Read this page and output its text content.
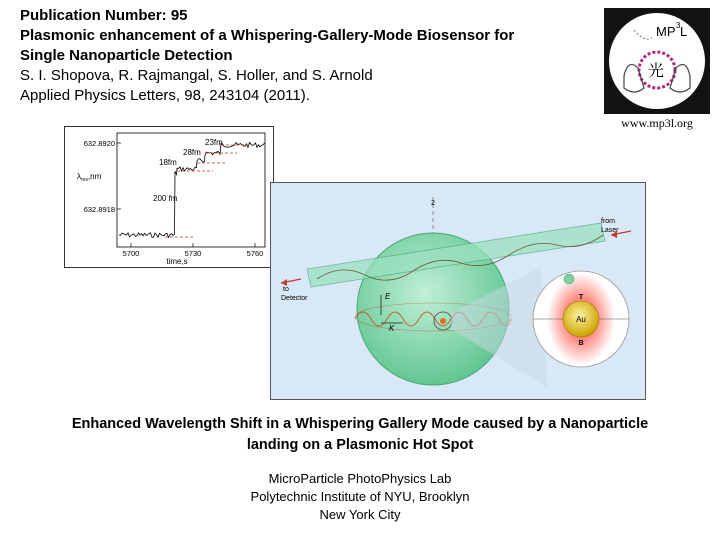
Publication Number: 95
Plasmonic enhancement of a Whispering-Gallery-Mode Biosensor for
Single Nanoparticle Detection
S. I. Shopova, R. Rajmangal, S. Holler, and S. Arnold
Applied Physics Letters, 98, 243104 (2011).
MP 3 L
光
www.mp3l.org
632.8920
632.8918
$\lambda_{res},nm$
5700	5730	5760
time,s
200 fm
18fm
28fm
23fm
z
from
Laser
to
Detector	E
K
T
Au
B
Enhanced Wavelength Shift in a Whispering Gallery Mode caused by a Nanoparticle
landing on a Plasmonic Hot Spot
MicroParticle PhotoPhysics Lab
Polytechnic Institute of NYU, Brooklyn
New York City
